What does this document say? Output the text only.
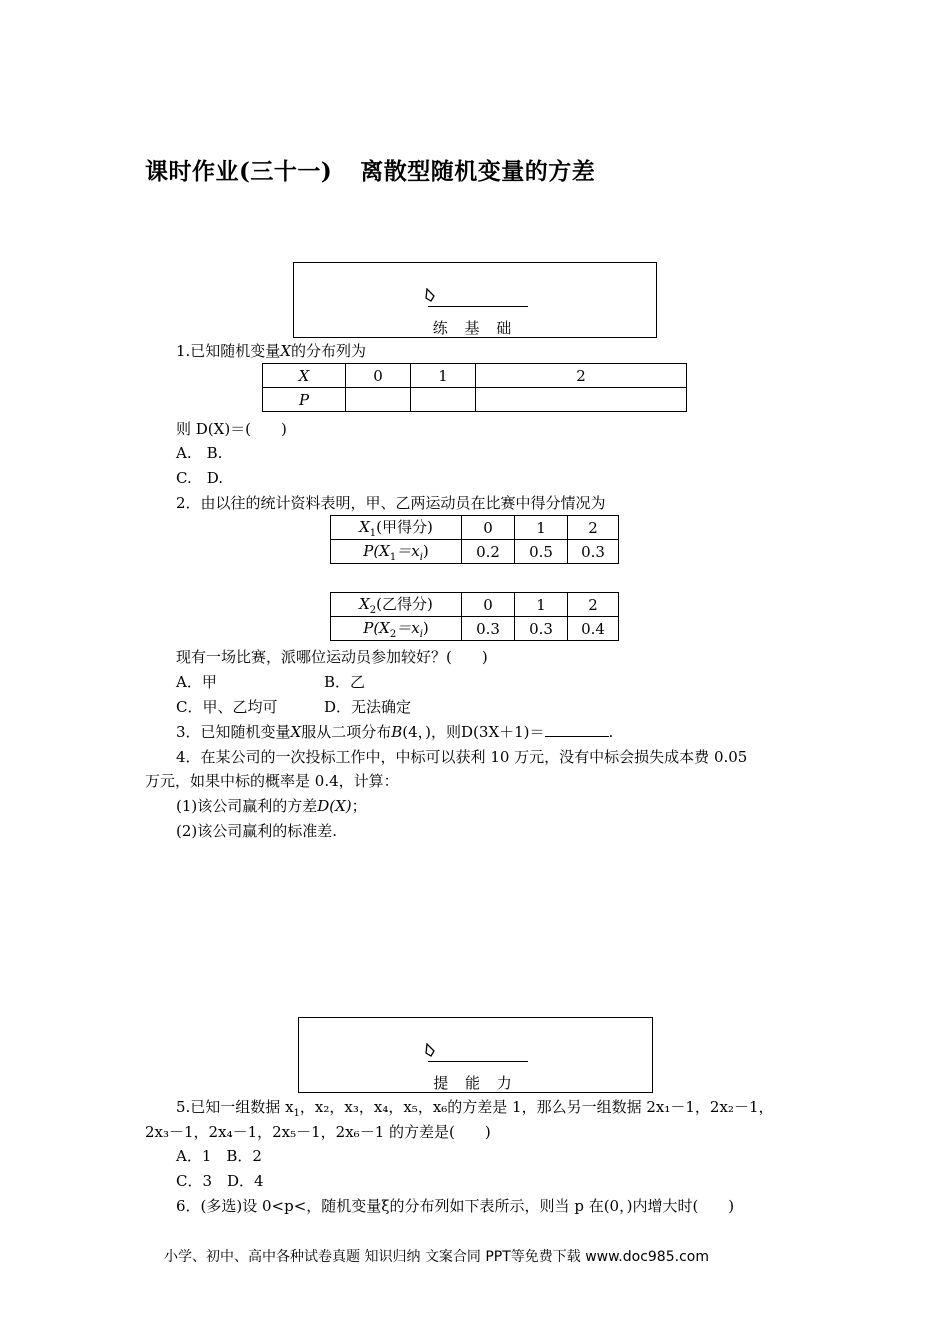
课时作业(三十一) 离散型随机变量的方差
练 基 础
1.已知随机变量X的分布列为
X	0	1	2
P			
则 D(X)＝(　　)
A.　B.
C.　D.
2．由以往的统计资料表明，甲、乙两运动员在比赛中得分情况为
$X_1$(甲得分)	0	1	2
$P(X_1=x_i)$	0.2	0.5	0.3
$X_2$(乙得分)	0	1	2
$P(X_2=x_i)$	0.3	0.3	0.4
现有一场比赛，派哪位运动员参加较好？(　　)
A．甲	B．乙
C．甲、乙均可	D．无法确定
3．已知随机变量X服从二项分布B(4，)，则D(3X＋1)＝	.
4．在某公司的一次投标工作中，中标可以获利 10 万元，没有中标会损失成本费 0.05
万元，如果中标的概率是 0.4，计算：
(1)该公司赢利的方差D(X)；
(2)该公司赢利的标准差.
提 能 力
5.已知一组数据 $x_1$，x₂，x₃，x₄，x₅，x₆的方差是 1，那么另一组数据 2x₁－1，2x₂－1，
2x₃－1，2x₄－1，2x₅－1，2x₆－1 的方差是(　　)
A．1　B．2
C．3　D．4
6．(多选)设 0<p<，随机变量ξ的分布列如下表所示，则当 p 在(0，)内增大时(　　)
小学、初中、高中各种试卷真题 知识归纳 文案合同 PPT等免费下载 www.doc985.com
